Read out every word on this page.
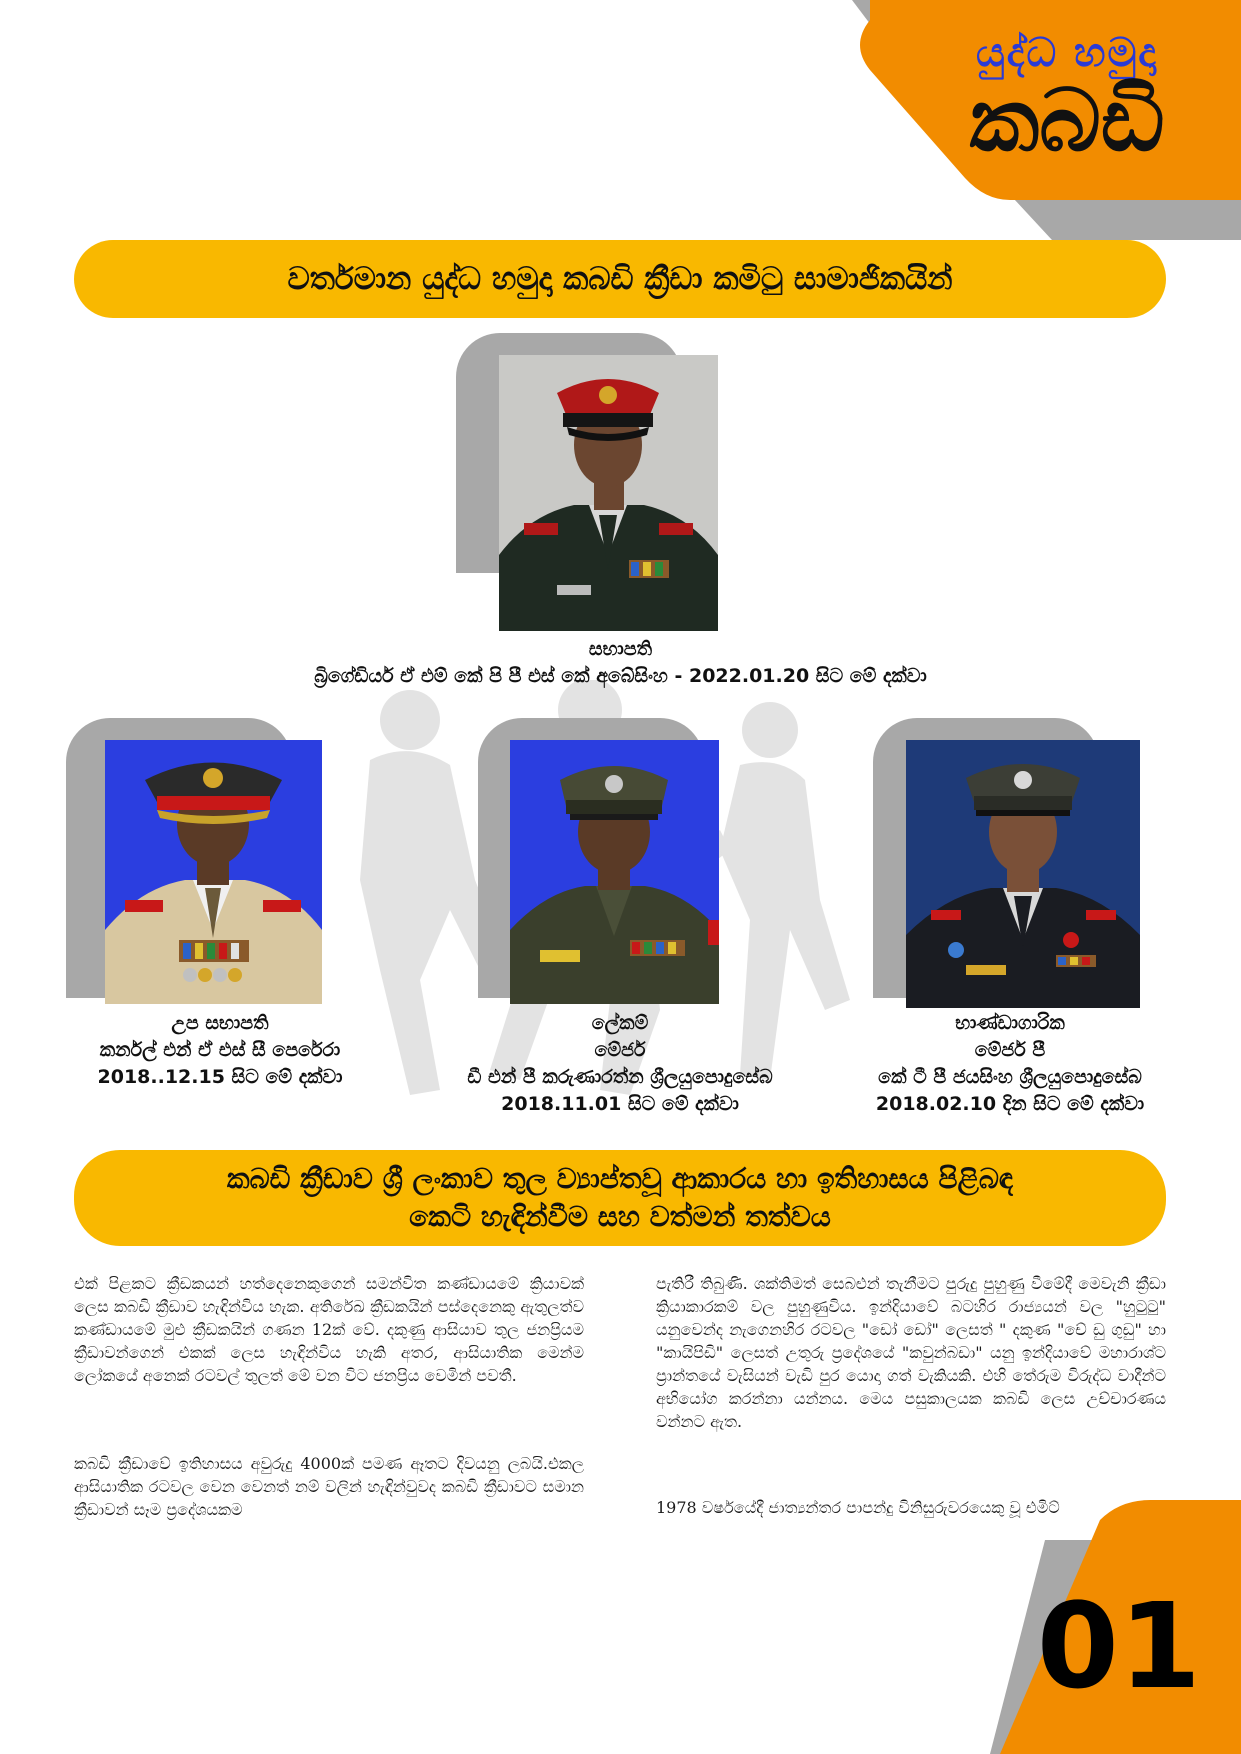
යුද්ධ හමුදා
කබඩි
වර්තමාන යුද්ධ හමුදා කබඩි ක්‍රීඩා කමිටු සාමාජිකයින්
සභාපති
බ්‍රිගේඩියර් ඒ එම් කේ පි පී එස් කේ අබේසිංහ - 2022.01.20 සිට මේ දක්වා
උප සභාපති
කර්නල් එන් ඒ එස් සී පෙරේරා
2018..12.15 සිට මේ දක්වා
ලේකම්
මේජර්
ඩී එන් පී කරුණාරත්න ශ්‍රීලයුපොදුසේබ
2018.11.01 සිට මේ දක්වා
භාණ්ඩාගාරික
මේජර් පී
කේ ටී පී ජයසිංහ ශ්‍රීලයුපොදුසේබ
2018.02.10 දින සිට මේ දක්වා
කබඩි ක්‍රීඩාව ශ්‍රී ලංකාව තුල ව්‍යාප්තවූ ආකාරය හා ඉතිහාසය පිළිබඳ
කෙටි හැඳින්වීම සහ වත්මන් තත්වය
එක් පිළකට ක්‍රීඩකයන් හත්දෙනෙකුගෙන් සමන්විත කණ්ඩායමේ ක්‍රියාවක් ලෙස කබඩි ක්‍රීඩාව හැඳින්විය හැක. අතිරේඛ ක්‍රීඩකයින් පස්දෙනෙකු ඇතුලත්ව කණ්ඩායමේ මුළු ක්‍රීඩකයින් ගණන 12ක් වේ. දකුණු ආසියාව තුල ජනප්‍රියම ක්‍රීඩාවන්ගෙන් එකක් ලෙස හැඳින්විය හැකි අතර, ආසියාතික මෙන්ම ලෝකයේ අනෙක් රටවල් තුලත් මේ වන විට ජනප්‍රිය වෙමින් පවතී.
කබඩි ක්‍රීඩාවේ ඉතිහාසය අවුරුදු 4000ක් පමණ ඈතට දිවයනු ලබයි.එකල ආසියාතික රටවල වෙන වෙනත් නම් වලින් හැඳින්වුවද කබඩි ක්‍රීඩාවට සමාන ක්‍රීඩාවන් සෑම ප්‍රදේශයකම
පැතිරී තිබුණි. ශක්තිමත් සෙබළුන් තැනීමට පුරුදු පුහුණු වීමේදී මෙවැනි ක්‍රීඩා ක්‍රියාකාරකම් වල පුහුණුවිය. ඉන්දියාවේ බටහිර රාජ්‍යයන් වල "හුටුටු" යනුවෙන්ද නැගෙනහිර රටවල "ඩෝ ඩෝ" ලෙසත් " දකුණ "චේ ඩු ගුඩු" හා "කායිපිඩි" ලෙසත් උතුරු ප්‍රදේශයේ "කවුන්බඩා" යනු ඉන්දියාවේ මහාරාශ්ට ප්‍රාන්තයේ වැසියන් වැඩි පුර යොදා ගත් වැකියකි. එහි තේරුම විරුද්ධ වාදීන්ට අභියෝග කරන්නා යන්නය. මෙය පසුකාලයක කබඩි ලෙස උච්චාරණය වන්නට ඇත.
1978 වර්ෂයේදී ජාත්‍යන්තර පාපන්දු විනිසුරුවරයෙකු වූ එමිට්
01
